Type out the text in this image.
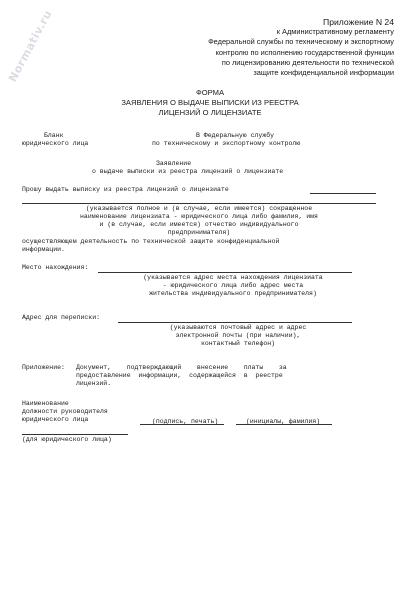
Normativ.ru	Приложение N 24
к Административному регламенту
Федеральной службы по техническому и экспортному
контролю по исполнению государственной функции
по лицензированию деятельности по технической
защите конфиденциальной информации
ФОРМА
ЗАЯВЛЕНИЯ О ВЫДАЧЕ ВЫПИСКИ ИЗ РЕЕСТРА
ЛИЦЕНЗИЙ О ЛИЦЕНЗИАТЕ
Бланк
юридического лица
В Федеральную службу
по техническому и экспортному контролю
Заявление
о выдаче выписки из реестра лицензий о лицензиате
Прошу выдать выписку из реестра лицензий о лицензиате
(указывается полное и (в случае, если имеется) сокращенное
наименование лицензиата - юридического лица либо фамилия, имя
и (в случае, если имеется) отчество индивидуального
предпринимателя)
осуществляющем деятельность по технической защите конфиденциальной
информации.
Место нахождения:
(указывается адрес места нахождения лицензиата
- юридического лица либо адрес места
жительства индивидуального предпринимателя)
Адрес для переписки:
(указываются почтовый адрес и адрес
электронной почты (при наличии),
контактный телефон)
Приложение: Документ,    подтверждающий    внесение    платы    за
предоставление  информации,  содержащейся  в  реестре
лицензий.
Наименование
должности руководителя
юридического лица	(подпись, печать)	(инициалы, фамилия)
(для юридического лица)
